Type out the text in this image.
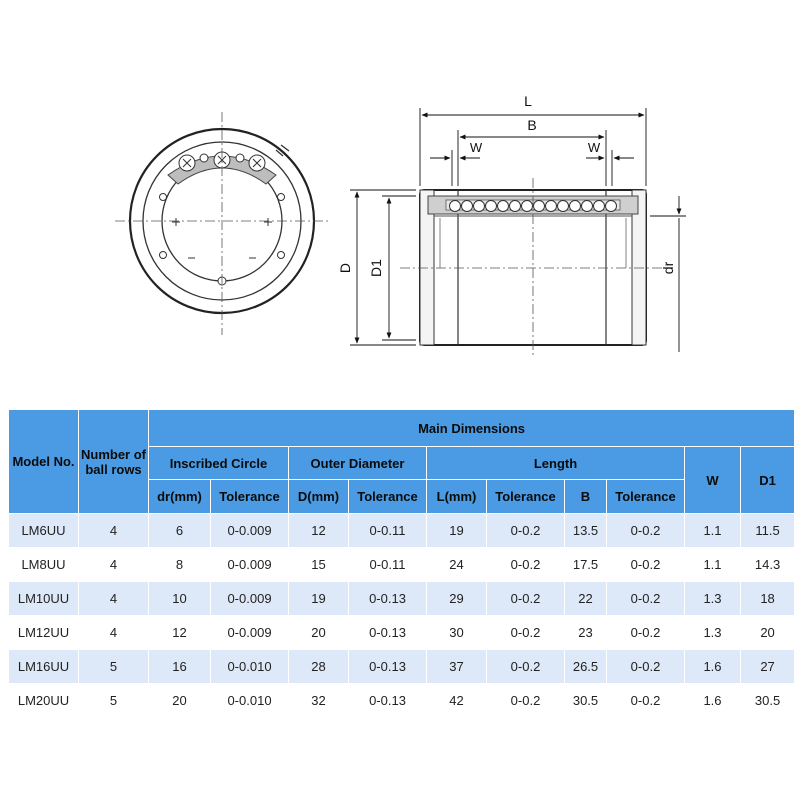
L
B
W	W
D D1	dr
Model No.	Number of ball rows	Main Dimensions									
		Inscribed Circle		Outer Diameter		Length				W	D1
		dr(mm)	Tolerance	D(mm)	Tolerance	L(mm)	Tolerance	B	Tolerance		
LM6UU	4	6	0-0.009	12	0-0.11	19	0-0.2	13.5	0-0.2	1.1	11.5
LM8UU	4	8	0-0.009	15	0-0.11	24	0-0.2	17.5	0-0.2	1.1	14.3
LM10UU	4	10	0-0.009	19	0-0.13	29	0-0.2	22	0-0.2	1.3	18
LM12UU	4	12	0-0.009	20	0-0.13	30	0-0.2	23	0-0.2	1.3	20
LM16UU	5	16	0-0.010	28	0-0.13	37	0-0.2	26.5	0-0.2	1.6	27
LM20UU	5	20	0-0.010	32	0-0.13	42	0-0.2	30.5	0-0.2	1.6	30.5
